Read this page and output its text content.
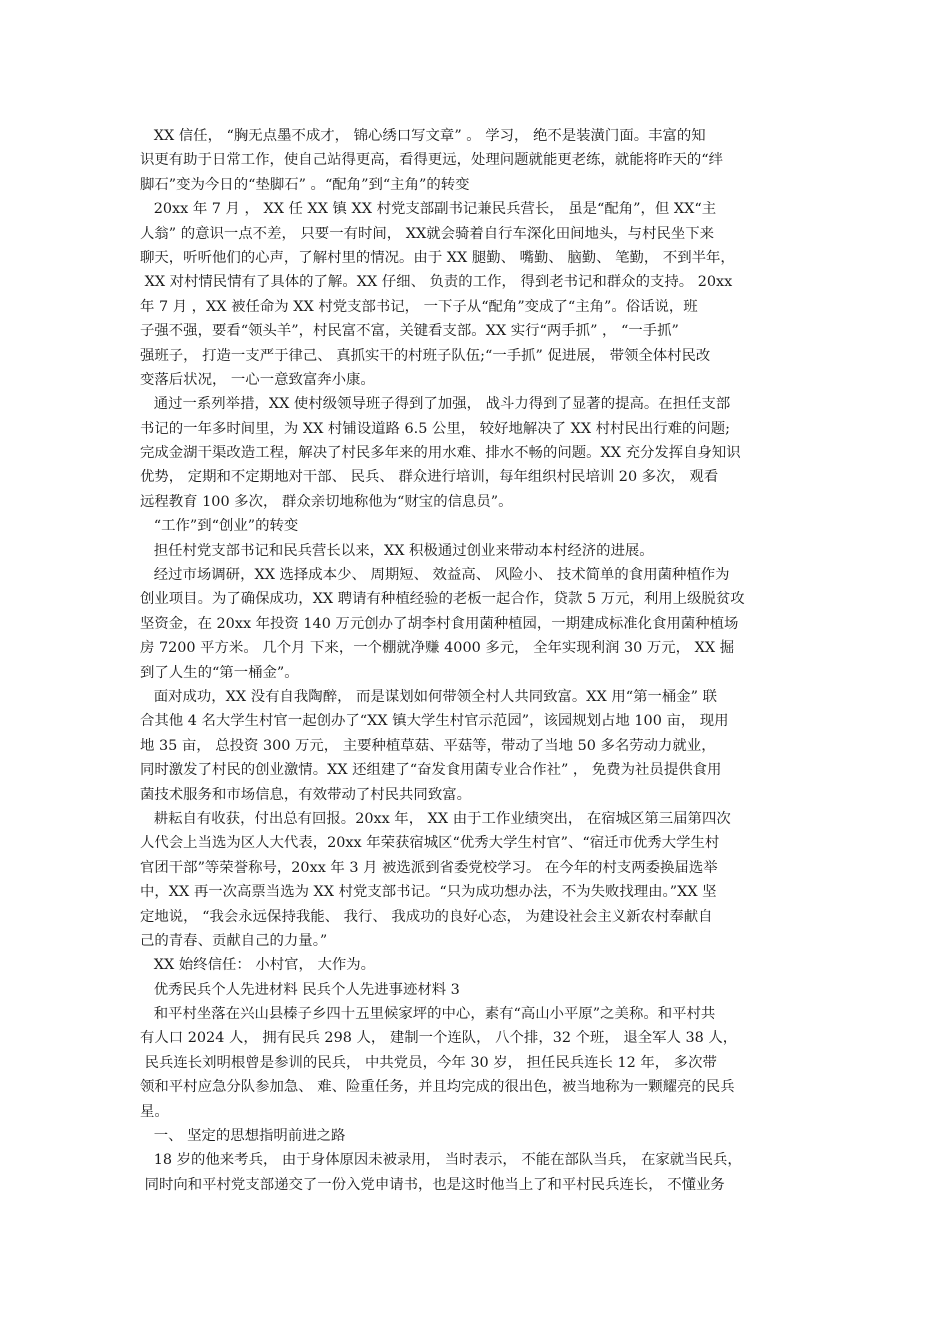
XX 信任， “胸无点墨不成才， 锦心绣口写文章” 。 学习， 绝不是装潢门面。丰富的知
识更有助于日常工作，使自己站得更高，看得更远，处理问题就能更老练，就能将昨天的“绊
脚石”变为今日的“垫脚石” 。“配角”到“主角”的转变
20xx 年 7 月 ， XX 任 XX 镇 XX 村党支部副书记兼民兵营长， 虽是“配角”，但 XX“主
人翁” 的意识一点不差， 只要一有时间， XX就会骑着自行车深化田间地头，与村民坐下来
聊天，听听他们的心声，了解村里的情况。由于 XX 腿勤、 嘴勤、 脑勤、 笔勤， 不到半年，
XX 对村情民情有了具体的了解。XX 仔细、 负责的工作， 得到老书记和群众的支持。 20xx
年 7 月 ，XX 被任命为 XX 村党支部书记， 一下子从“配角”变成了“主角”。俗话说，班
子强不强，要看“领头羊”，村民富不富，关键看支部。XX 实行“两手抓” ， “一手抓”
强班子， 打造一支严于律己、 真抓实干的村班子队伍;“一手抓” 促进展， 带领全体村民改
变落后状况， 一心一意致富奔小康。
通过一系列举措，XX 使村级领导班子得到了加强， 战斗力得到了显著的提高。在担任支部
书记的一年多时间里，为 XX 村铺设道路 6.5 公里， 较好地解决了 XX 村村民出行难的问题;
完成金湖干渠改造工程，解决了村民多年来的用水难、排水不畅的问题。XX 充分发挥自身知识
优势， 定期和不定期地对干部、 民兵、 群众进行培训，每年组织村民培训 20 多次， 观看
远程教育 100 多次， 群众亲切地称他为“财宝的信息员”。
“工作”到“创业”的转变
担任村党支部书记和民兵营长以来，XX 积极通过创业来带动本村经济的进展。
经过市场调研，XX 选择成本少、 周期短、 效益高、 风险小、 技术简单的食用菌种植作为
创业项目。为了确保成功，XX 聘请有种植经验的老板一起合作，贷款 5 万元，利用上级脱贫攻
坚资金，在 20xx 年投资 140 万元创办了胡李村食用菌种植园，一期建成标准化食用菌种植场
房 7200 平方米。 几个月 下来，一个棚就净赚 4000 多元， 全年实现利润 30 万元， XX 掘
到了人生的“第一桶金”。
面对成功，XX 没有自我陶醉， 而是谋划如何带领全村人共同致富。XX 用“第一桶金” 联
合其他 4 名大学生村官一起创办了“XX 镇大学生村官示范园”，该园规划占地 100 亩， 现用
地 35 亩， 总投资 300 万元， 主要种植草菇、平菇等，带动了当地 50 多名劳动力就业，
同时激发了村民的创业激情。XX 还组建了“奋发食用菌专业合作社” ， 免费为社员提供食用
菌技术服务和市场信息，有效带动了村民共同致富。
耕耘自有收获，付出总有回报。20xx 年， XX 由于工作业绩突出， 在宿城区第三届第四次
人代会上当选为区人大代表，20xx 年荣获宿城区“优秀大学生村官”、“宿迁市优秀大学生村
官团干部”等荣誉称号，20xx 年 3 月 被选派到省委党校学习。 在今年的村支两委换届选举
中，XX 再一次高票当选为 XX 村党支部书记。“只为成功想办法，不为失败找理由。”XX 坚
定地说， “我会永远保持我能、 我行、 我成功的良好心态， 为建设社会主义新农村奉献自
己的青春、贡献自己的力量。”
XX 始终信任： 小村官， 大作为。
优秀民兵个人先进材料 民兵个人先进事迹材料 3
和平村坐落在兴山县榛子乡四十五里候家坪的中心，素有“高山小平原”之美称。和平村共
有人口 2024 人， 拥有民兵 298 人， 建制一个连队， 八个排，32 个班， 退全军人 38 人，
民兵连长刘明根曾是参训的民兵， 中共党员，今年 30 岁， 担任民兵连长 12 年， 多次带
领和平村应急分队参加急、 难、险重任务，并且均完成的很出色，被当地称为一颗耀亮的民兵
星。
一、 坚定的思想指明前进之路
18 岁的他来考兵， 由于身体原因未被录用， 当时表示， 不能在部队当兵， 在家就当民兵，
同时向和平村党支部递交了一份入党申请书，也是这时他当上了和平村民兵连长， 不懂业务
